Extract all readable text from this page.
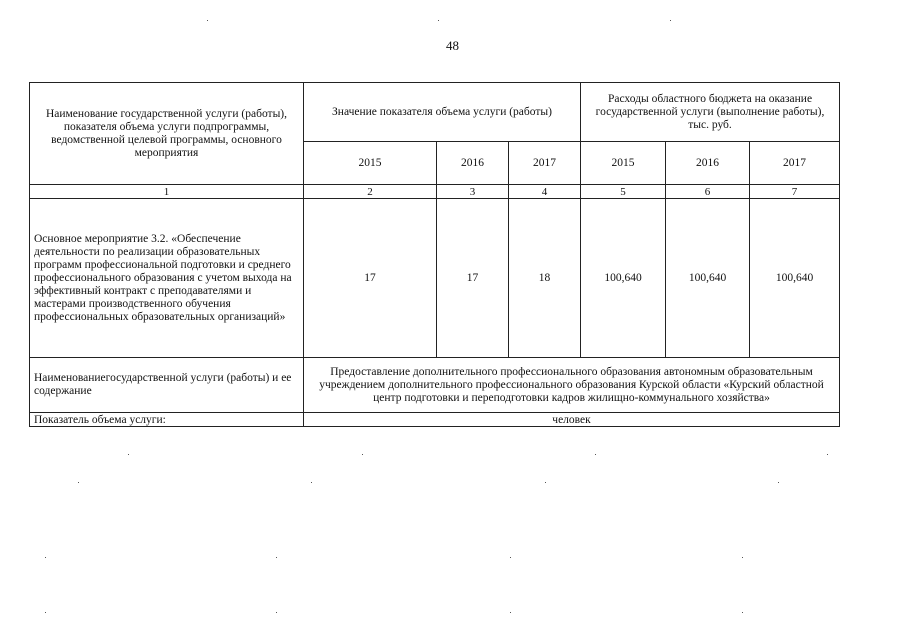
48
Наименование государственной услуги (работы), показателя объема услуги подпрограммы, ведомственной целевой программы, основного мероприятия	Значение показателя объема услуги (работы)			Расходы областного бюджета на оказание государственной услуги (выполнение работы), тыс. руб.		
	2015	2016	2017	2015	2016	2017
1	2	3	4	5	6	7
Основное мероприятие 3.2. «Обеспечение деятельности по реализации образовательных программ профессиональной подготовки и среднего профессионального образования с учетом выхода на эффективный контракт с преподавателями и мастерами производственного обучения профессиональных образовательных организаций»	17	17	18	100,640	100,640	100,640
Наименованиегосударственной услуги (работы) и ее содержание	Предоставление дополнительного профессионального образования автономным образовательным учреждением дополнительного профессионального образования Курской области «Курский областной центр подготовки и переподготовки кадров жилищно-коммунального хозяйства»					
Показатель объема услуги:	человек					
